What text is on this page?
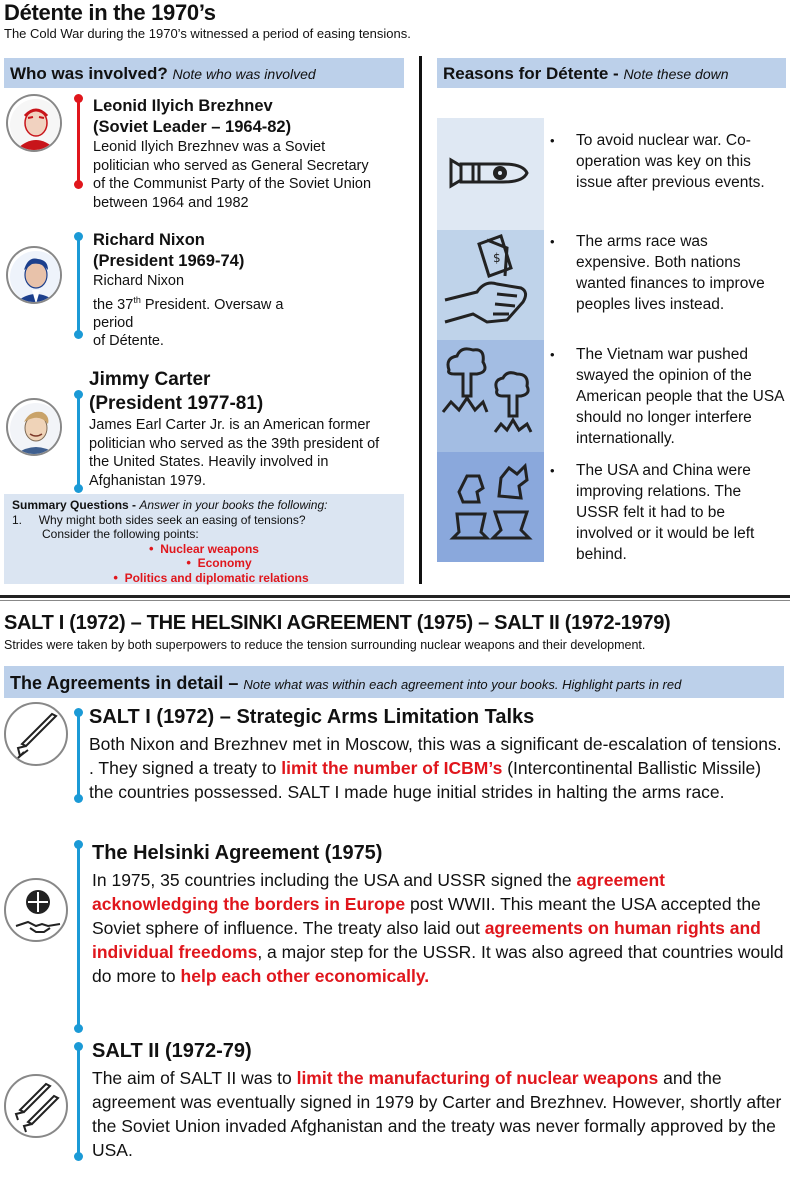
Détente in the 1970’s
The Cold War during the 1970’s witnessed a period of easing tensions.
Who was involved? Note who was involved	Reasons for Détente - Note these down
Leonid Ilyich Brezhnev
(Soviet Leader – 1964-82)
Leonid Ilyich Brezhnev was a Soviet politician who served as General Secretary of the Communist Party of the Soviet Union between 1964 and 1982
Richard Nixon
(President 1969-74)
Richard Nixon
the 37th President. Oversaw a
period
of Détente.
Jimmy Carter
(President 1977-81)
James Earl Carter Jr. is an American former politician who served as the 39th president of the United States. Heavily involved in Afghanistan 1979.
Summary Questions - Answer in your books the following:
1. Why might both sides seek an easing of tensions?
Consider the following points:
• Nuclear weapons
• Economy
• Politics and diplomatic relations
$
•	To avoid nuclear war. Co-operation was key on this issue after previous events.
•	The arms race was expensive. Both nations wanted finances to improve peoples lives instead.
•	The Vietnam war pushed swayed the opinion of the American people that the USA should no longer interfere internationally.
•	The USA and China were improving relations. The USSR felt it had to be involved or it would be left behind.
SALT I (1972) – THE HELSINKI AGREEMENT (1975) – SALT II (1972-1979)
Strides were taken by both superpowers to reduce the tension surrounding nuclear weapons and their development.
The Agreements in detail – Note what was within each agreement into your books. Highlight parts in red
SALT I (1972) – Strategic Arms Limitation Talks
Both Nixon and Brezhnev met in Moscow, this was a significant de-escalation of tensions. . They signed a treaty to limit the number of ICBM’s (Intercontinental Ballistic Missile) the countries possessed. SALT I made huge initial strides in halting the arms race.
The Helsinki Agreement (1975)
In 1975, 35 countries including the USA and USSR signed the agreement acknowledging the borders in Europe post WWII. This meant the USA accepted the Soviet sphere of influence. The treaty also laid out agreements on human rights and individual freedoms, a major step for the USSR. It was also agreed that countries would do more to help each other economically.
SALT II (1972-79)
The aim of SALT II was to limit the manufacturing of nuclear weapons and the agreement was eventually signed in 1979 by Carter and Brezhnev. However, shortly after the Soviet Union invaded Afghanistan and the treaty was never formally approved by the USA.
